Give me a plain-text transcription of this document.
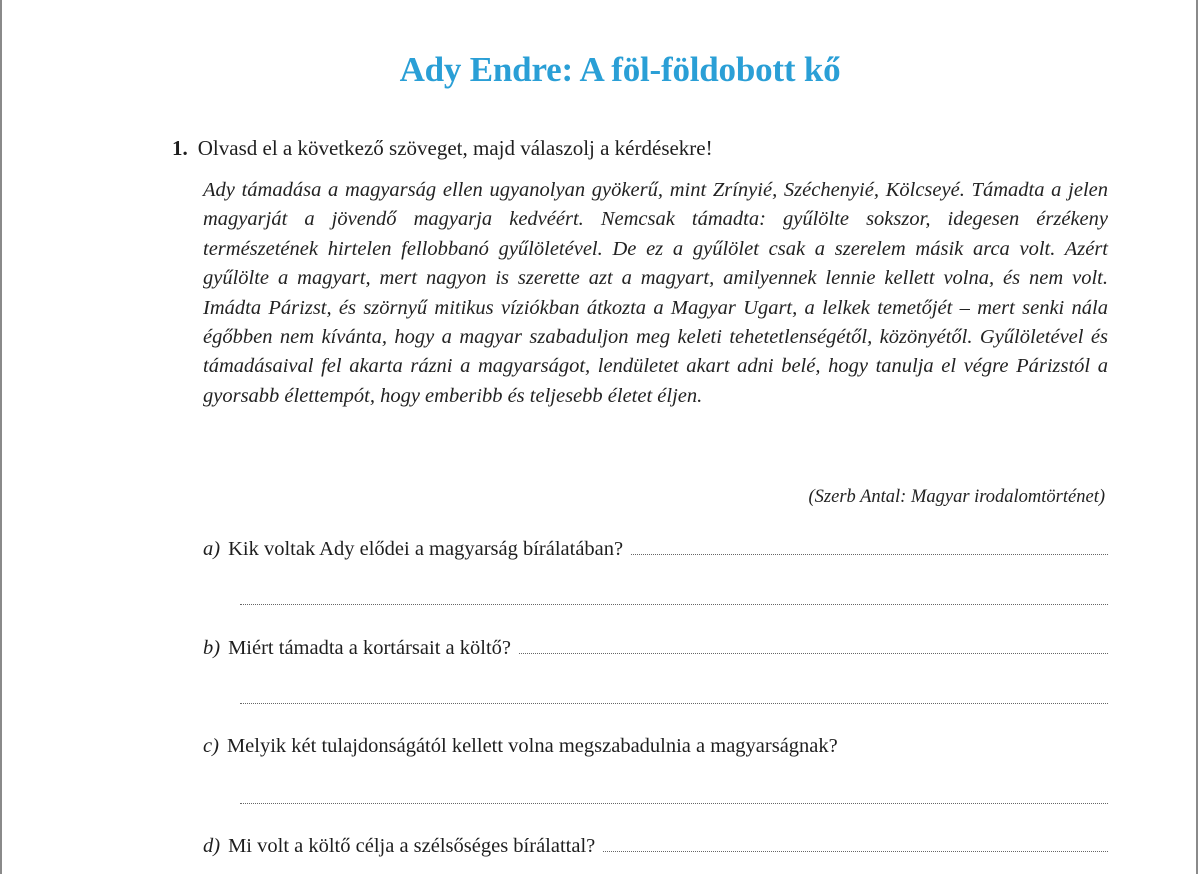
Ady Endre: A föl-földobott kő
1. Olvasd el a következő szöveget, majd válaszolj a kérdésekre!
Ady támadása a magyarság ellen ugyanolyan gyökerű, mint Zrínyié, Széchenyié, Kölcseyé. Támadta a jelen magyarját a jövendő magyarja kedvéért. Nemcsak támadta: gyűlölte sokszor, idegesen érzékeny természetének hirtelen fellobbanó gyűlöletével. De ez a gyűlölet csak a szerelem másik arca volt. Azért gyűlölte a magyart, mert nagyon is szerette azt a magyart, amilyennek lennie kellett volna, és nem volt. Imádta Párizst, és szörnyű mitikus víziókban átkozta a Magyar Ugart, a lelkek temetőjét – mert senki nála égőbben nem kívánta, hogy a magyar szabaduljon meg keleti tehetetlenségétől, közönyétől. Gyűlöletével és támadásaival fel akarta rázni a magyarságot, lendületet akart adni belé, hogy tanulja el végre Párizstól a gyorsabb élettempót, hogy emberibb és teljesebb életet éljen.
(Szerb Antal: Magyar irodalomtörténet)
a) Kik voltak Ady elődei a magyarság bírálatában?
b) Miért támadta a kortársait a költő?
c) Melyik két tulajdonságától kellett volna megszabadulnia a magyarságnak?
d) Mi volt a költő célja a szélsőséges bírálattal?
